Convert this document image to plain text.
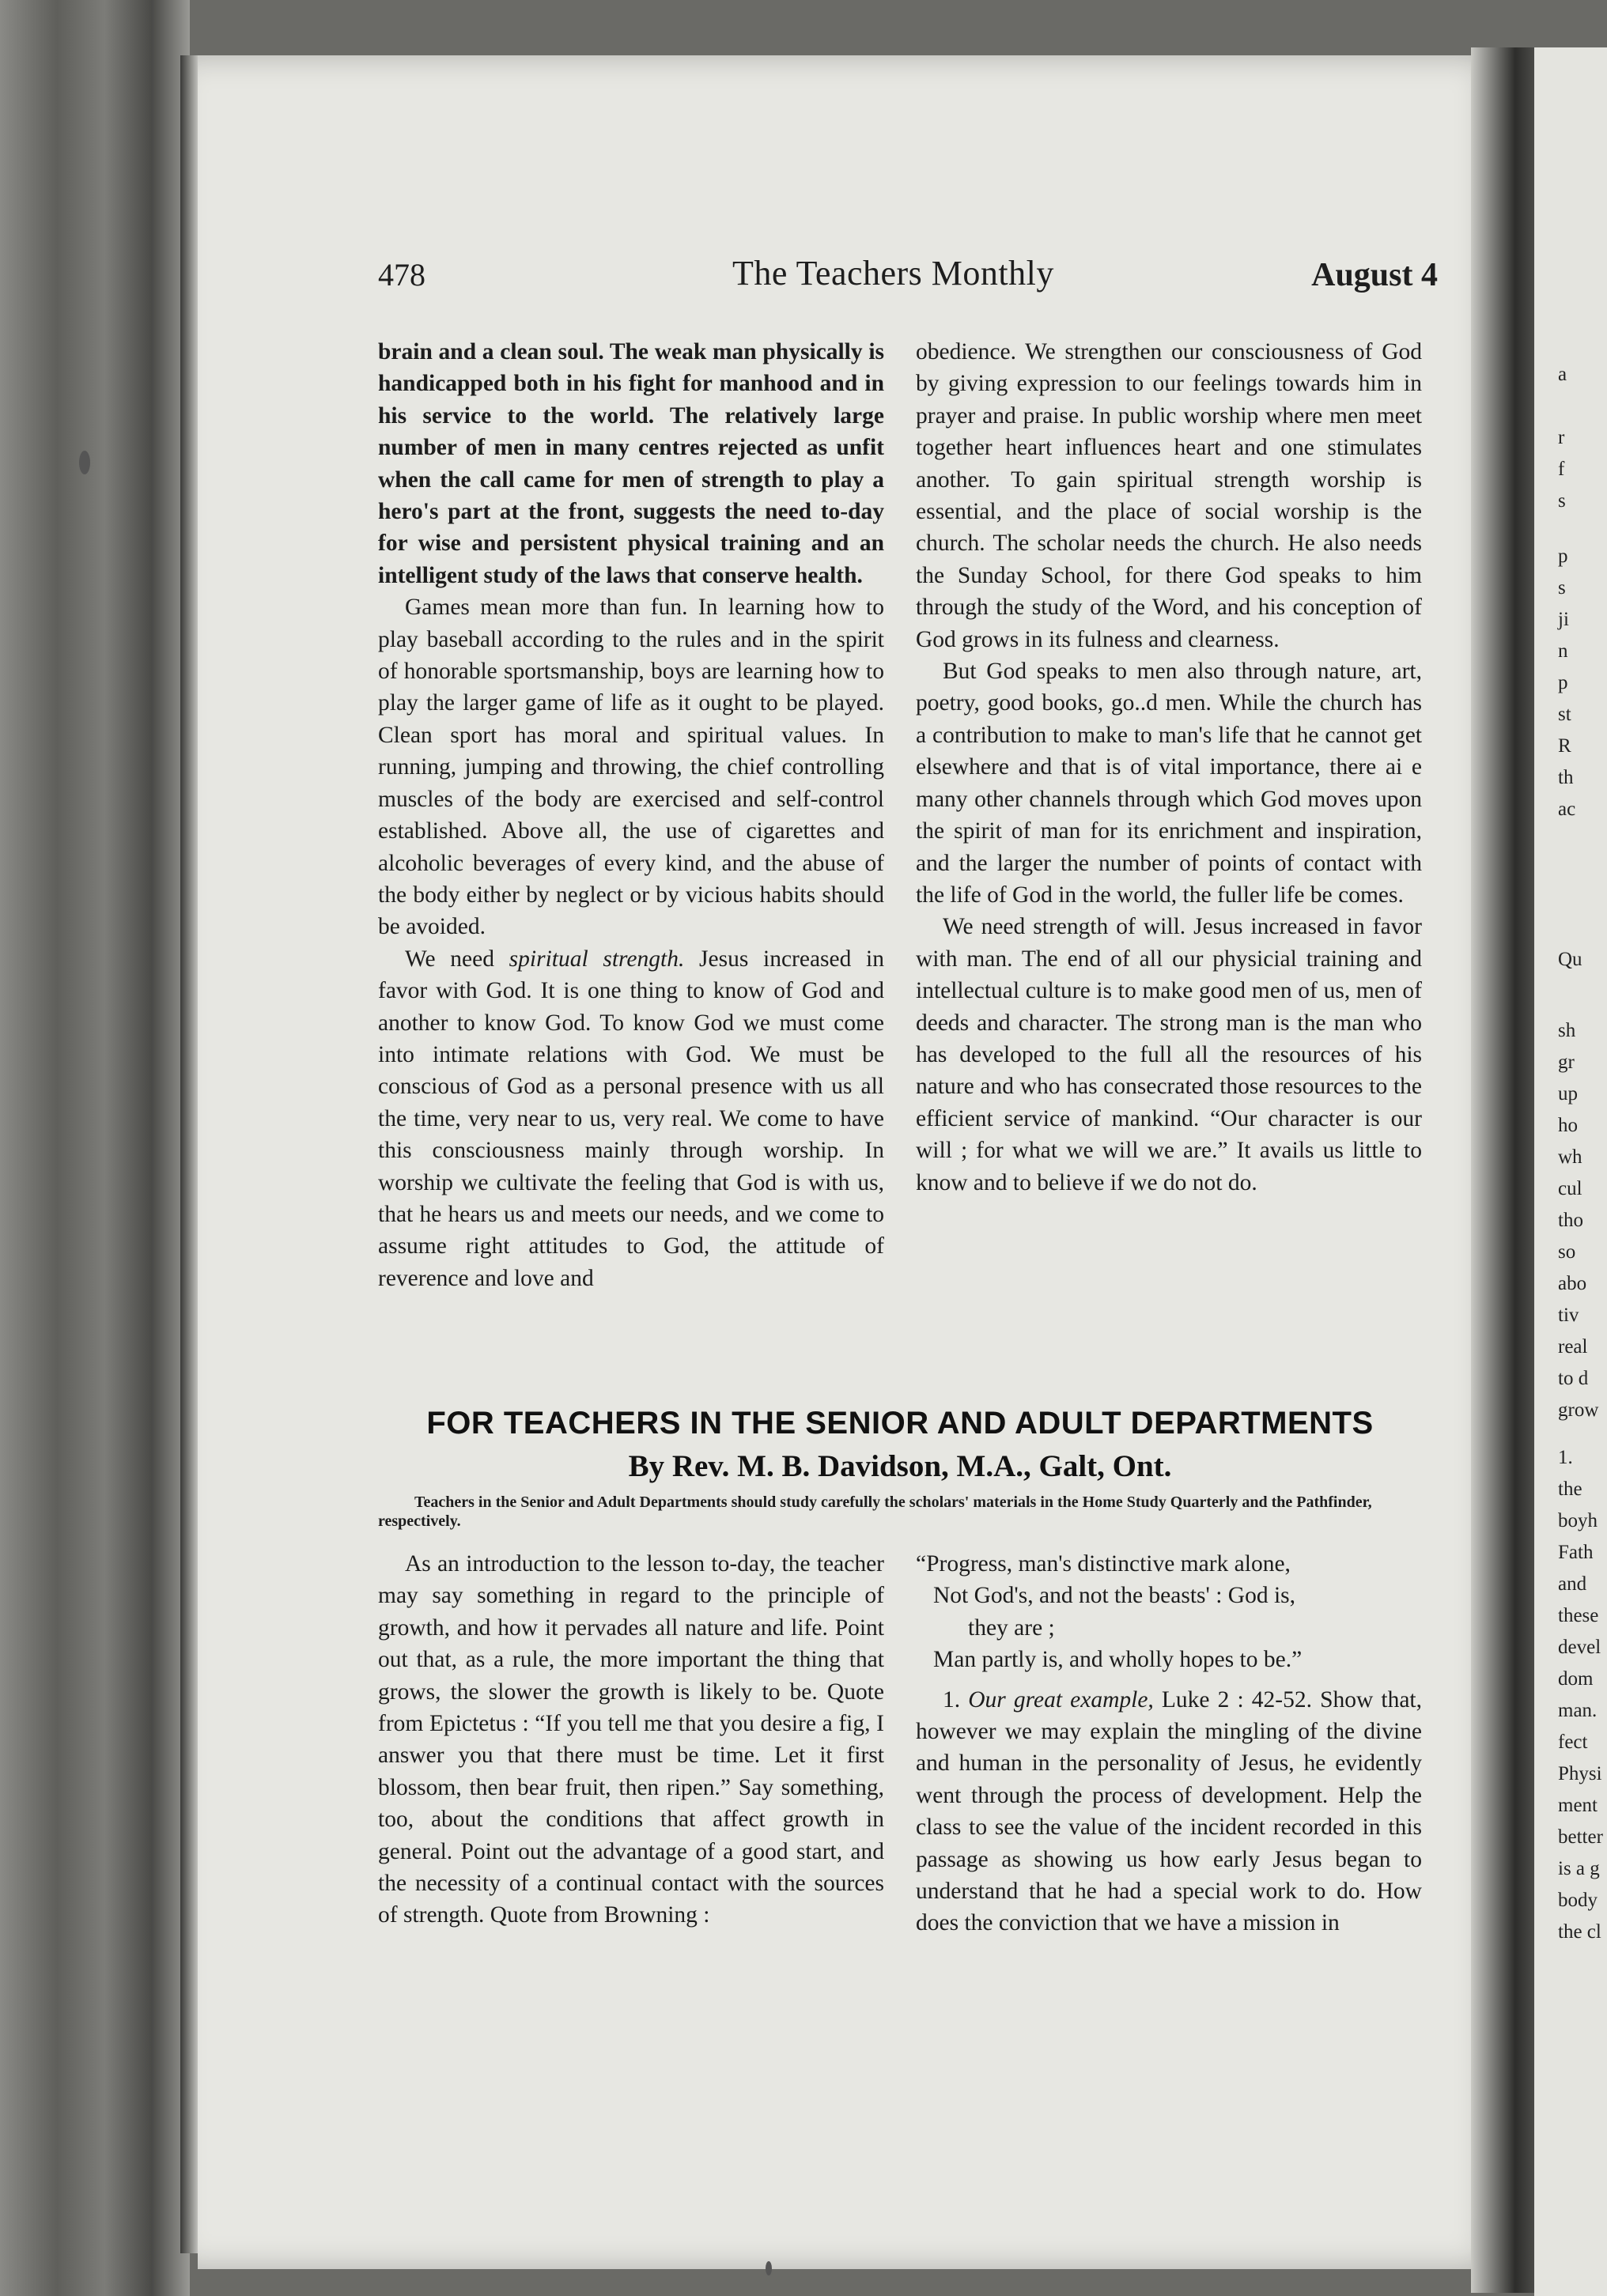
a
r
f
s
p
s
ji
n
p
st
R
th
ac
Qu
sh
gr
up
ho
wh
cul
tho
so
abo
tiv
real
to d
grow
1.
the
boyh
Fath
and
these
devel
dom
man.
fect
Physi
ment
better
is a g
body
the cl
478	The Teachers Monthly	August 4

brain and a clean soul. The weak man physically is handicapped both in his fight for manhood and in his service to the world. The relatively large number of men in many centres rejected as unfit when the call came for men of strength to play a hero's part at the front, suggests the need to-day for wise and persistent physical training and an intelligent study of the laws that conserve health.

Games mean more than fun. In learning how to play baseball according to the rules and in the spirit of honorable sportsmanship, boys are learning how to play the larger game of life as it ought to be played. Clean sport has moral and spiritual values. In running, jumping and throwing, the chief controlling muscles of the body are exercised and self-control established. Above all, the use of cigarettes and alcoholic beverages of every kind, and the abuse of the body either by neglect or by vicious habits should be avoided.

We need spiritual strength. Jesus increased in favor with God. It is one thing to know of God and another to know God. To know God we must come into intimate relations with God. We must be conscious of God as a personal presence with us all the time, very near to us, very real. We come to have this consciousness mainly through worship. In worship we cultivate the feeling that God is with us, that he hears us and meets our needs, and we come to assume right attitudes to God, the attitude of reverence and love and

obedience. We strengthen our consciousness of God by giving expression to our feelings towards him in prayer and praise. In public worship where men meet together heart influences heart and one stimulates another. To gain spiritual strength worship is essential, and the place of social worship is the church. The scholar needs the church. He also needs the Sunday School, for there God speaks to him through the study of the Word, and his conception of God grows in its fulness and clearness.

But God speaks to men also through nature, art, poetry, good books, go..d men. While the church has a contribution to make to man's life that he cannot get elsewhere and that is of vital importance, there ai e many other channels through which God moves upon the spirit of man for its enrichment and inspiration, and the larger the number of points of contact with the life of God in the world, the fuller life be comes.

We need strength of will. Jesus increased in favor with man. The end of all our physicial training and intellectual culture is to make good men of us, men of deeds and character. The strong man is the man who has developed to the full all the resources of his nature and who has consecrated those resources to the efficient service of mankind. “Our character is our will ; for what we will we are.” It avails us little to know and to believe if we do not do.

FOR TEACHERS IN THE SENIOR AND ADULT DEPARTMENTS
By Rev. M. B. Davidson, M.A., Galt, Ont.
Teachers in the Senior and Adult Departments should study carefully the scholars' materials in the Home Study Quarterly and the Pathfinder, respectively.

As an introduction to the lesson to-day, the teacher may say something in regard to the principle of growth, and how it pervades all nature and life. Point out that, as a rule, the more important the thing that grows, the slower the growth is likely to be. Quote from Epictetus : “If you tell me that you desire a fig, I answer you that there must be time. Let it first blossom, then bear fruit, then ripen.” Say something, too, about the conditions that affect growth in general. Point out the advantage of a good start, and the necessity of a continual contact with the sources of strength. Quote from Browning :

“Progress, man's distinctive mark alone,
Not God's, and not the beasts' : God is,
they are ;
Man partly is, and wholly hopes to be.”

1. Our great example, Luke 2 : 42-52. Show that, however we may explain the mingling of the divine and human in the personality of Jesus, he evidently went through the process of development. Help the class to see the value of the incident recorded in this passage as showing us how early Jesus began to understand that he had a special work to do. How does the conviction that we have a mission in
